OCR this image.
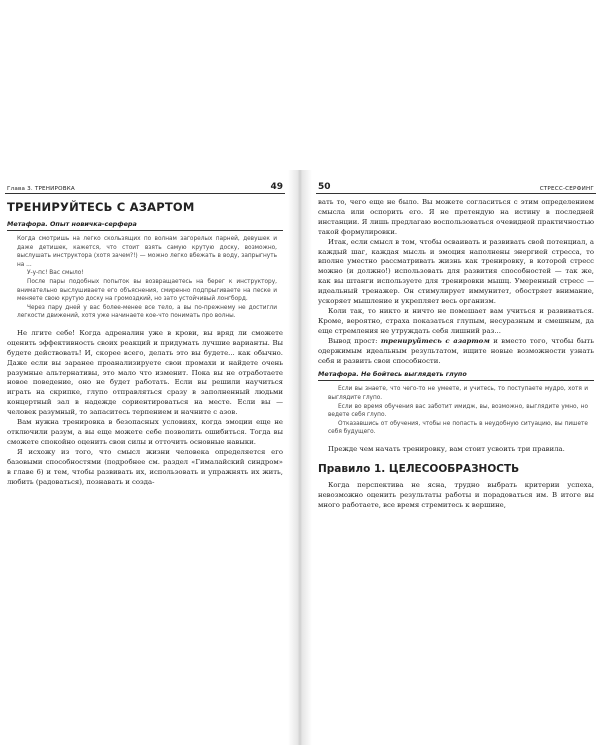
Глава 3. ТРЕНИРОВКА	49
ТРЕНИРУЙТЕСЬ С АЗАРТОМ
Метафора. Опыт новичка-серфера

Когда смотришь на легко скользящих по волнам загорелых парней, девушек и даже детишек, кажется, что стоит взять самую крутую доску, возможно, выслушать инструктора (хотя зачем?!) — можно легко вбежать в воду, запрыгнуть на ...

У-у-пс! Вас смыло!

После пары подобных попыток вы возвращаетесь на берег к инструктору, внимательно выслушиваете его объяснения, смиренно подпрыгиваете на песке и меняете свою крутую доску на громоздкий, но зато устойчивый лонгборд.

Через пару дней у вас более-менее все тело, а вы по-прежнему не достигли легкости движений, хотя уже начинаете кое-что понимать про волны.

Не лгите себе! Когда адреналин уже в крови, вы вряд ли сможете оценить эффективность своих реакций и придумать лучшие варианты. Вы будете действовать! И, скорее всего, делать это вы будете... как обычно. Даже если вы заранее проанализируете свои промахи и найдете очень разумные альтернативы, это мало что изменит. Пока вы не отработаете новое поведение, оно не будет работать. Если вы решили научиться играть на скрипке, глупо отправляться сразу в заполненный людьми концертный зал в надежде сориентироваться на месте. Если вы — человек разумный, то запаситесь терпением и начните с азов.

Вам нужна тренировка в безопасных условиях, когда эмоции еще не отключили разум, а вы еще можете себе позволить ошибиться. Тогда вы сможете спокойно оценить свои силы и отточить основные навыки.

Я исхожу из того, что смысл жизни человека определяется его базовыми способностями (подробнее см. раздел «Гималайский синдром» в главе 6) и тем, чтобы развивать их, использовать и упражнять их жить, любить (радоваться), познавать и созда-

50	СТРЕСС-СЕРФИНГ

вать то, чего еще не было. Вы можете согласиться с этим определением смысла или оспорить его. Я не претендую на истину в последней инстанции. Я лишь предлагаю воспользоваться очевидной практичностью такой формулировки.

Итак, если смысл в том, чтобы осваивать и развивать свой потенциал, а каждый шаг, каждая мысль и эмоция наполнены энергией стресса, то вполне уместно рассматривать жизнь как тренировку, в которой стресс можно (и должно!) использовать для развития способностей — так же, как вы штанги используете для тренировки мышц. Умеренный стресс — идеальный тренажер. Он стимулирует иммунитет, обостряет внимание, ускоряет мышление и укрепляет весь организм.

Коли так, то никто и ничто не помешает вам учиться и развиваться. Кроме, вероятно, страха показаться глупым, несуразным и смешным, да еще стремления не утруждать себя лишний раз...

Вывод прост: тренируйтесь с азартом и вместо того, чтобы быть одержимым идеальным результатом, ищите новые возможности узнать себя и развить свои способности.

Метафора. Не бойтесь выглядеть глупо

Если вы знаете, что чего-то не умеете, и учитесь, то поступаете мудро, хотя и выглядите глупо.

Если во время обучения вас заботит имидж, вы, возможно, выглядите умно, но ведете себя глупо.

Отказавшись от обучения, чтобы не попасть в неудобную ситуацию, вы пишете себя будущего.

Прежде чем начать тренировку, вам стоит усвоить три правила.

Правило 1. ЦЕЛЕСООБРАЗНОСТЬ

Когда перспектива не ясна, трудно выбрать критерии успеха, невозможно оценить результаты работы и порадоваться им. В итоге вы много работаете, все время стремитесь к вершине,
